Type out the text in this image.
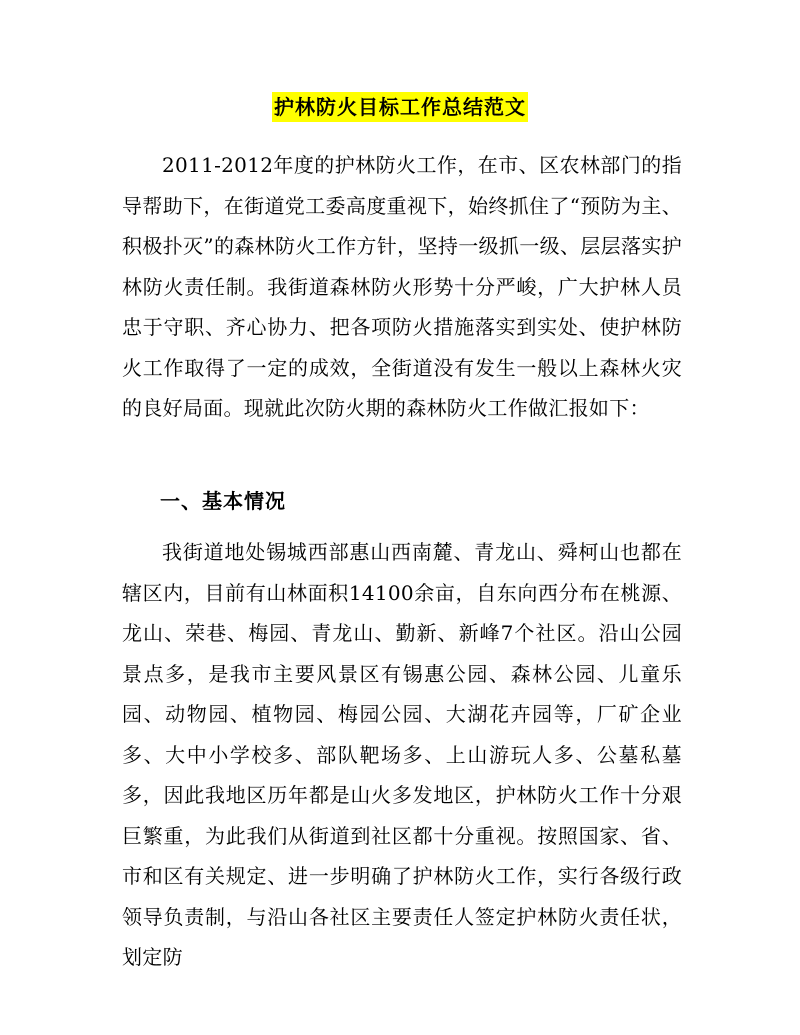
护林防火目标工作总结范文
2011-2012年度的护林防火工作，在市、区农林部门的指导帮助下，在街道党工委高度重视下，始终抓住了“预防为主、积极扑灭”的森林防火工作方针，坚持一级抓一级、层层落实护林防火责任制。我街道森林防火形势十分严峻，广大护林人员忠于守职、齐心协力、把各项防火措施落实到实处、使护林防火工作取得了一定的成效，全街道没有发生一般以上森林火灾的良好局面。现就此次防火期的森林防火工作做汇报如下：
一、基本情况
我街道地处锡城西部惠山西南麓、青龙山、舜柯山也都在辖区内，目前有山林面积14100余亩，自东向西分布在桃源、龙山、荣巷、梅园、青龙山、勤新、新峰7个社区。沿山公园景点多，是我市主要风景区有锡惠公园、森林公园、儿童乐园、动物园、植物园、梅园公园、大湖花卉园等，厂矿企业多、大中小学校多、部队靶场多、上山游玩人多、公墓私墓多，因此我地区历年都是山火多发地区，护林防火工作十分艰巨繁重，为此我们从街道到社区都十分重视。按照国家、省、市和区有关规定、进一步明确了护林防火工作，实行各级行政领导负责制，与沿山各社区主要责任人签定护林防火责任状，划定防
